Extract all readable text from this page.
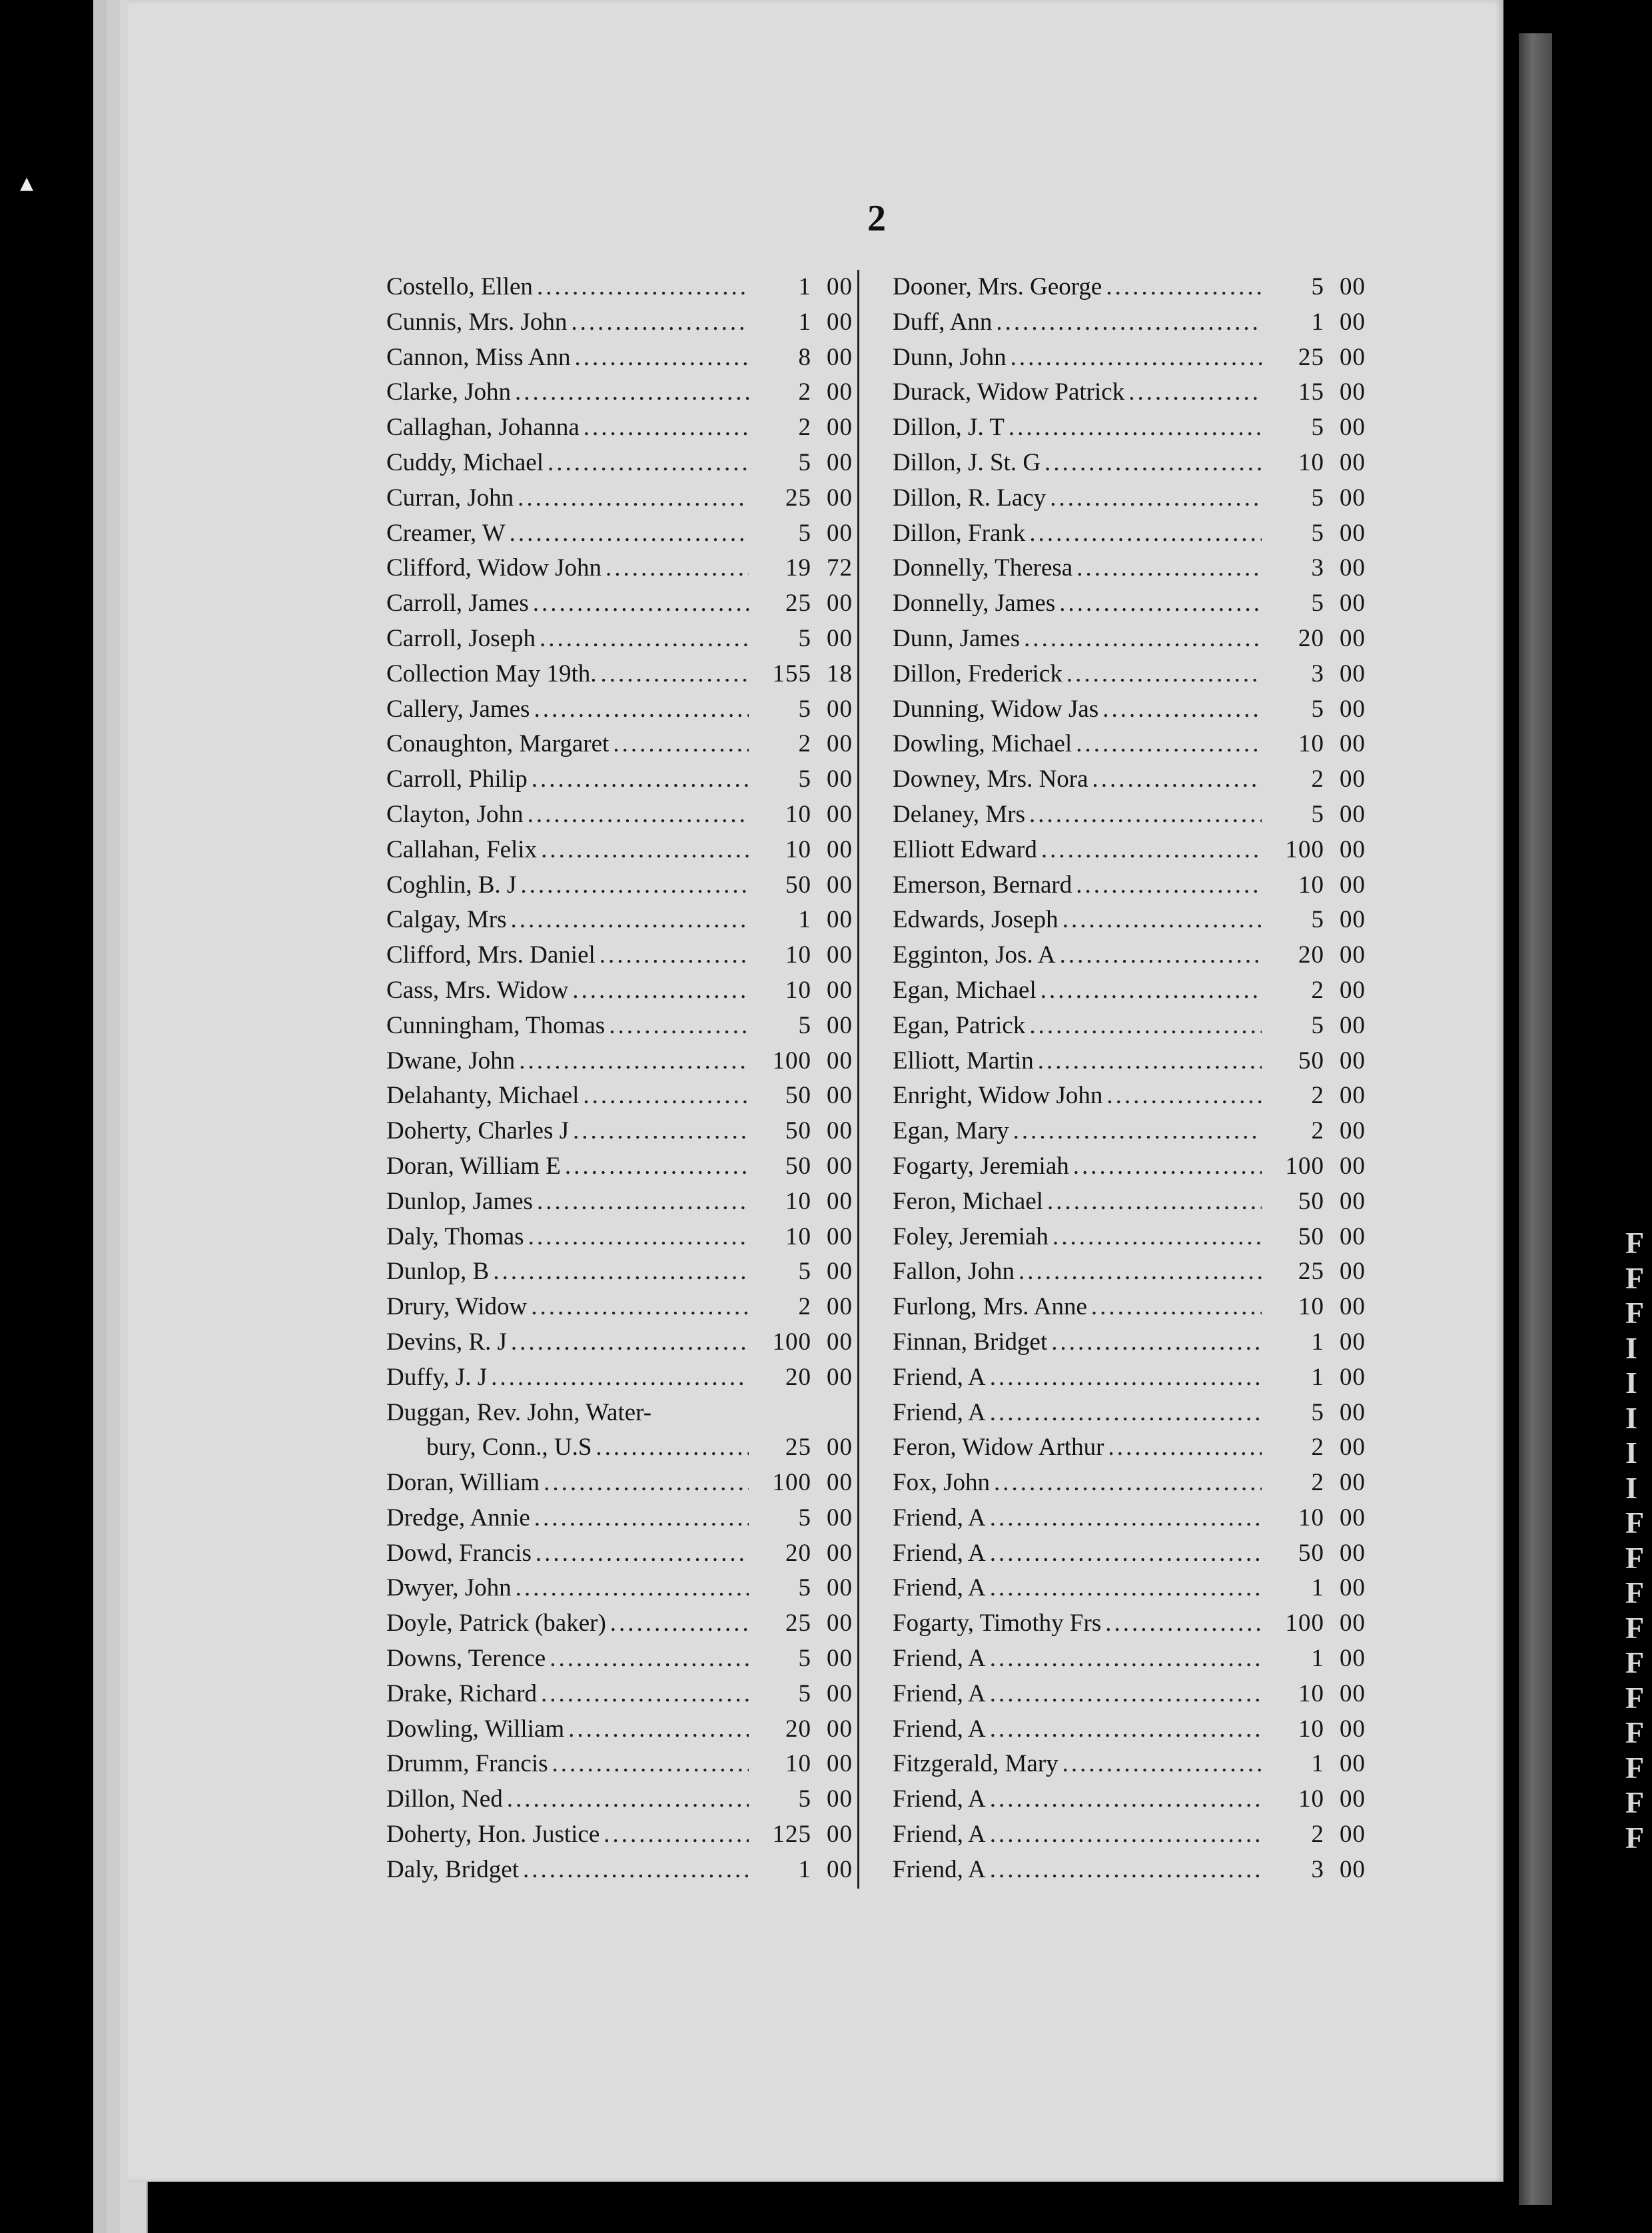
F
F
F
I
I
I
I
I
F
F
F
F
F
F
F
F
F
F
▴
2
Costello, Ellen .....	1 00
Cunnis, Mrs. John .....	1 00
Cannon, Miss Ann .....	8 00
Clarke, John .....	2 00
Callaghan, Johanna .....	2 00
Cuddy, Michael .....	5 00
Curran, John .....	25 00
Creamer, W .....	5 00
Clifford, Widow John .....	19 72
Carroll, James .....	25 00
Carroll, Joseph .....	5 00
Collection May 19th. .....	155 18
Callery, James .....	5 00
Conaughton, Margaret .....	2 00
Carroll, Philip .....	5 00
Clayton, John .....	10 00
Callahan, Felix .....	10 00
Coghlin, B. J .....	50 00
Calgay, Mrs .....	1 00
Clifford, Mrs. Daniel .....	10 00
Cass, Mrs. Widow .....	10 00
Cunningham, Thomas .....	5 00
Dwane, John .....	100 00
Delahanty, Michael .....	50 00
Doherty, Charles J .....	50 00
Doran, William E .....	50 00
Dunlop, James .....	10 00
Daly, Thomas .....	10 00
Dunlop, B .....	5 00
Drury, Widow .....	2 00
Devins, R. J .....	100 00
Duffy, J. J .....	20 00
Duggan, Rev. John, Water-
bury, Conn., U.S .....	25 00
Doran, William .....	100 00
Dredge, Annie .....	5 00
Dowd, Francis .....	20 00
Dwyer, John .....	5 00
Doyle, Patrick (baker) .....	25 00
Downs, Terence .....	5 00
Drake, Richard .....	5 00
Dowling, William .....	20 00
Drumm, Francis .....	10 00
Dillon, Ned .....	5 00
Doherty, Hon. Justice .....	125 00
Daly, Bridget .....	1 00
Dooner, Mrs. George .....	5 00
Duff, Ann .....	1 00
Dunn, John .....	25 00
Durack, Widow Patrick .....	15 00
Dillon, J. T .....	5 00
Dillon, J. St. G .....	10 00
Dillon, R. Lacy .....	5 00
Dillon, Frank .....	5 00
Donnelly, Theresa .....	3 00
Donnelly, James .....	5 00
Dunn, James .....	20 00
Dillon, Frederick .....	3 00
Dunning, Widow Jas .....	5 00
Dowling, Michael .....	10 00
Downey, Mrs. Nora .....	2 00
Delaney, Mrs .....	5 00
Elliott Edward .....	100 00
Emerson, Bernard .....	10 00
Edwards, Joseph .....	5 00
Egginton, Jos. A .....	20 00
Egan, Michael .....	2 00
Egan, Patrick .....	5 00
Elliott, Martin .....	50 00
Enright, Widow John .....	2 00
Egan, Mary .....	2 00
Fogarty, Jeremiah .....	100 00
Feron, Michael .....	50 00
Foley, Jeremiah .....	50 00
Fallon, John .....	25 00
Furlong, Mrs. Anne .....	10 00
Finnan, Bridget .....	1 00
Friend, A .....	1 00
Friend, A .....	5 00
Feron, Widow Arthur .....	2 00
Fox, John .....	2 00
Friend, A .....	10 00
Friend, A .....	50 00
Friend, A .....	1 00
Fogarty, Timothy Frs .....	100 00
Friend, A .....	1 00
Friend, A .....	10 00
Friend, A .....	10 00
Fitzgerald, Mary .....	1 00
Friend, A .....	10 00
Friend, A .....	2 00
Friend, A .....	3 00
